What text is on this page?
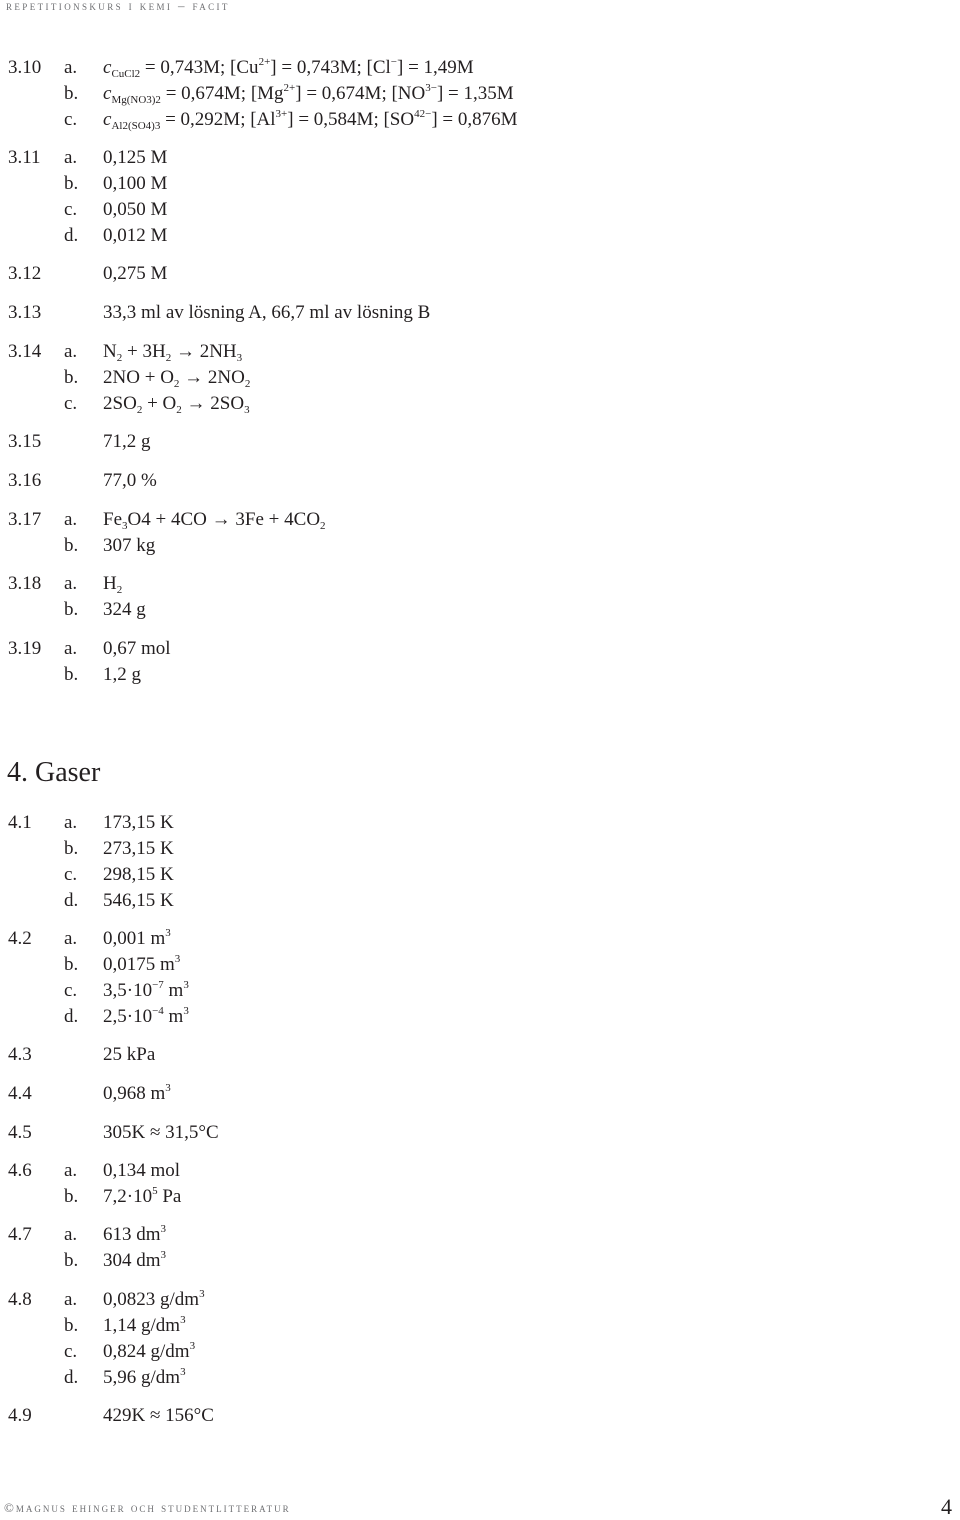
repetitionskurs i kemi – facit
4. Gaser
3.10 a. $c_{CuCl2} = 0,743M$; $[Cu^{2+}] = 0,743M$; [Cl−] = 1,49M
b. $c_{Mg(NO3)2} = 0,674M$; $[Mg^{2+}] = 0,674M$; $[NO^{3-}] = 1,35M$
c. $c_{Al2(SO4)3} = 0,292M$; $[Al^{3+}] = 0,584M$; $[SO^{42-}] = 0,876M$
3.11 a. 0,125 M
b. 0,100 M
c. 0,050 M
d. 0,012 M
3.12	0,275 M
3.13	33,3 ml av lösning A, 66,7 ml av lösning B
3.14 a. $N_2 + 3H_2 \to 2NH_3$
b. $2NO + O_2 \to 2NO_2$
c. $2SO_2 + O_2 \to 2SO_3$
3.15	71,2 g
3.16	77,0 %
3.17 a. $Fe_3O4 + 4CO \to 3Fe + 4CO_2$
b. 307 kg
3.18 a. $H_2$
b. 324 g
3.19 a. 0,67 mol
b. 1,2 g
4.1 a. 173,15 K
b. 273,15 K
c. 298,15 K
d. 546,15 K
4.2 a. 0,001 $m^3$
b. 0,0175 $m^3$
c. $3,5\cdot 10^{-7}$ $m^3$
d. $2,5\cdot 10^{-4}$ $m^3$
4.3	25 kPa
4.4	0,968 $m^3$
4.5	305K ≈ 31,5°C
4.6 a. 0,134 mol
b. $7,2\cdot 10^5$ Pa
4.7 a. 613 $dm^3$
b. 304 $dm^3$
4.8 a. 0,0823 $g/dm^3$
b. 1,14 $g/dm^3$
c. 0,824 $g/dm^3$
d. 5,96 $g/dm^3$
4.9	429K ≈ 156°C
©magnus ehinger och studentlitteratur	4
